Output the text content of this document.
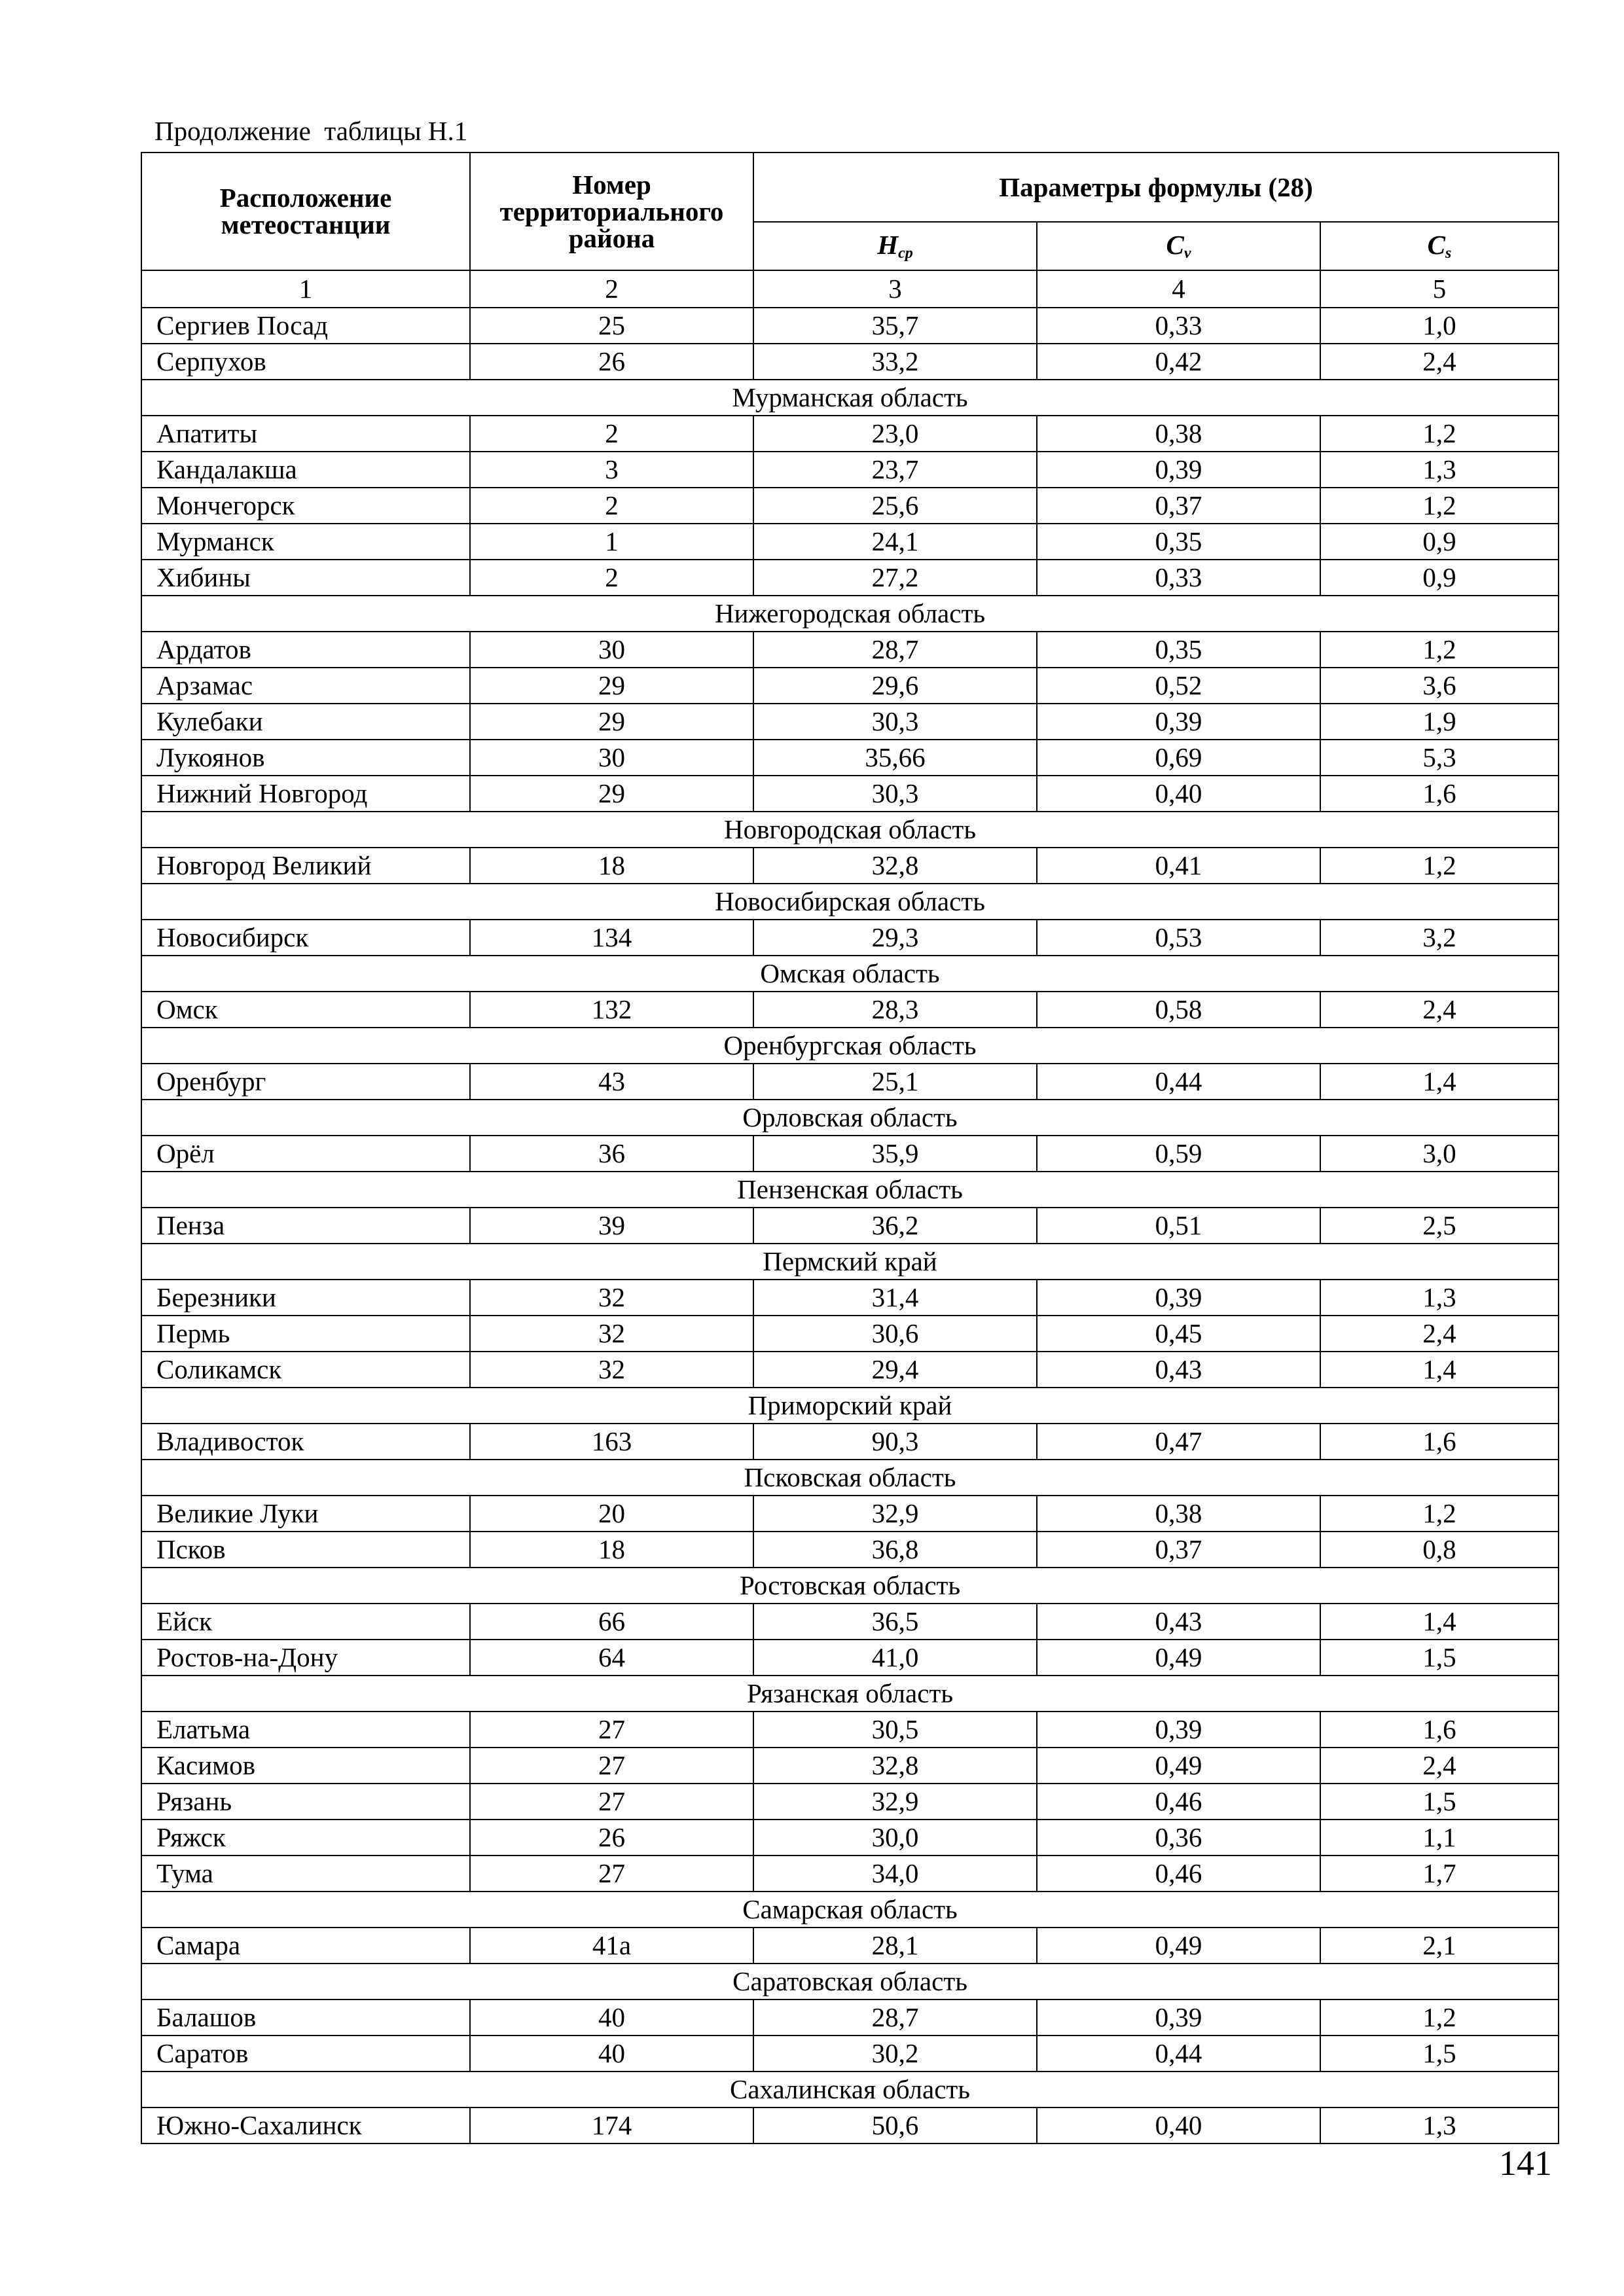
Продолжение  таблицы Н.1
Расположение метеостанции	Номер территориального района	Параметры формулы (28)		
		$H_{ср}$	$C_v$	$C_s$
1	2	3	4	5
Сергиев Посад	25	35,7	0,33	1,0
Серпухов	26	33,2	0,42	2,4
Мурманская область				
Апатиты	2	23,0	0,38	1,2
Кандалакша	3	23,7	0,39	1,3
Мончегорск	2	25,6	0,37	1,2
Мурманск	1	24,1	0,35	0,9
Хибины	2	27,2	0,33	0,9
Нижегородская область				
Ардатов	30	28,7	0,35	1,2
Арзамас	29	29,6	0,52	3,6
Кулебаки	29	30,3	0,39	1,9
Лукоянов	30	35,66	0,69	5,3
Нижний Новгород	29	30,3	0,40	1,6
Новгородская область				
Новгород Великий	18	32,8	0,41	1,2
Новосибирская область				
Новосибирск	134	29,3	0,53	3,2
Омская область				
Омск	132	28,3	0,58	2,4
Оренбургская область				
Оренбург	43	25,1	0,44	1,4
Орловская область				
Орёл	36	35,9	0,59	3,0
Пензенская область				
Пенза	39	36,2	0,51	2,5
Пермский край				
Березники	32	31,4	0,39	1,3
Пермь	32	30,6	0,45	2,4
Соликамск	32	29,4	0,43	1,4
Приморский край				
Владивосток	163	90,3	0,47	1,6
Псковская область				
Великие Луки	20	32,9	0,38	1,2
Псков	18	36,8	0,37	0,8
Ростовская область				
Ейск	66	36,5	0,43	1,4
Ростов-на-Дону	64	41,0	0,49	1,5
Рязанская область				
Елатьма	27	30,5	0,39	1,6
Касимов	27	32,8	0,49	2,4
Рязань	27	32,9	0,46	1,5
Ряжск	26	30,0	0,36	1,1
Тума	27	34,0	0,46	1,7
Самарская область				
Самара	41а	28,1	0,49	2,1
Саратовская область				
Балашов	40	28,7	0,39	1,2
Саратов	40	30,2	0,44	1,5
Сахалинская область				
Южно-Сахалинск	174	50,6	0,40	1,3
141
